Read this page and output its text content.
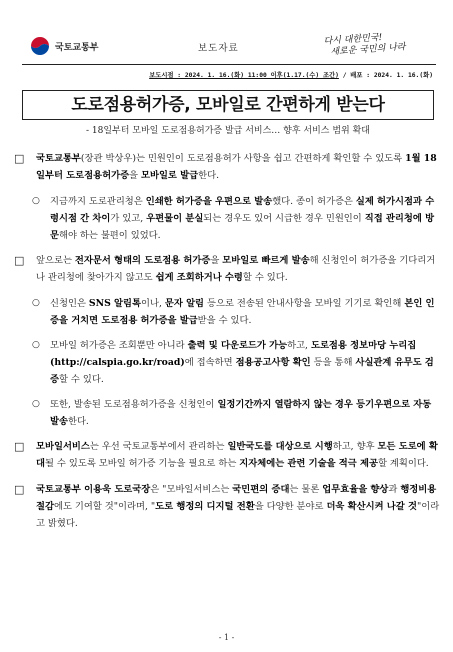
국토교통부	보도자료
다시 대한민국!
새로운 국민의 나라
보도시점 : 2024. 1. 16.(화) 11:00 이후(1.17.(수) 조간) / 배포 : 2024. 1. 16.(화)
도로점용허가증, 모바일로 간편하게 받는다
- 18일부터 모바일 도로점용허가증 발급 서비스… 향후 서비스 범위 확대
□ 국토교통부(장관 박상우)는 민원인이 도로점용허가 사항을 쉽고 간편하게 확인할 수 있도록 1월 18일부터 도로점용허가증을 모바일로 발급한다.
○ 지금까지 도로관리청은 인쇄한 허가증을 우편으로 발송했다. 종이 허가증은 실제 허가시점과 수령시점 간 차이가 있고, 우편물이 분실되는 경우도 있어 시급한 경우 민원인이 직접 관리청에 방문해야 하는 불편이 있었다.
□ 앞으로는 전자문서 형태의 도로점용 허가증을 모바일로 빠르게 발송해 신청인이 허가증을 기다리거나 관리청에 찾아가지 않고도 쉽게 조회하거나 수령할 수 있다.
○ 신청인은 SNS 알림톡이나, 문자 알림 등으로 전송된 안내사항을 모바일 기기로 확인해 본인 인증을 거치면 도로점용 허가증을 발급받을 수 있다.
○ 모바일 허가증은 조회뿐만 아니라 출력 및 다운로드가 가능하고, 도로점용 정보마당 누리집(http://calspia.go.kr/road)에 접속하면 점용공고사항 확인 등을 통해 사실관계 유무도 검증할 수 있다.
○ 또한, 발송된 도로점용허가증을 신청인이 일정기간까지 열람하지 않는 경우 등기우편으로 자동 발송한다.
□ 모바일서비스는 우선 국토교통부에서 관리하는 일반국도를 대상으로 시행하고, 향후 모든 도로에 확대될 수 있도록 모바일 허가증 기능을 필요로 하는 지자체에는 관련 기술을 적극 제공할 계획이다.
□ 국토교통부 이용욱 도로국장은 "모바일서비스는 국민편의 증대는 물론 업무효율을 향상과 행정비용 절감에도 기여할 것"이라며, "도로 행정의 디지털 전환을 다양한 분야로 더욱 확산시켜 나갈 것"이라고 밝혔다.
- 1 -
